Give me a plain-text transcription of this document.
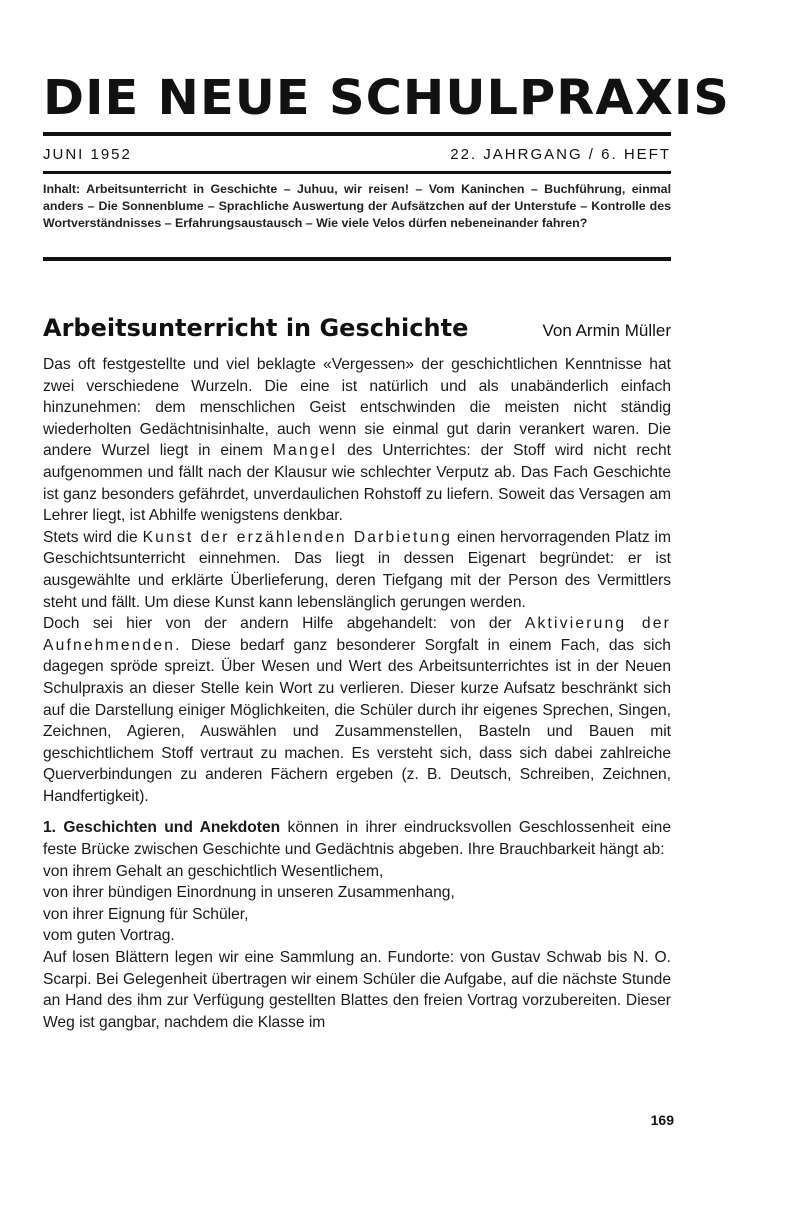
DIE NEUE SCHULPRAXIS
JUNI 1952	22. JAHRGANG / 6. HEFT
Inhalt: Arbeitsunterricht in Geschichte – Juhuu, wir reisen! – Vom Kaninchen – Buchführung, einmal anders – Die Sonnenblume – Sprachliche Auswertung der Aufsätzchen auf der Unterstufe – Kontrolle des Wortverständnisses – Erfahrungsaustausch – Wie viele Velos dürfen nebeneinander fahren?
Arbeitsunterricht in Geschichte	Von Armin Müller

Das oft festgestellte und viel beklagte «Vergessen» der geschichtlichen Kenntnisse hat zwei verschiedene Wurzeln. Die eine ist natürlich und als unabänderlich einfach hinzunehmen: dem menschlichen Geist entschwinden die meisten nicht ständig wiederholten Gedächtnisinhalte, auch wenn sie einmal gut darin verankert waren. Die andere Wurzel liegt in einem Mangel des Unterrichtes: der Stoff wird nicht recht aufgenommen und fällt nach der Klausur wie schlechter Verputz ab. Das Fach Geschichte ist ganz besonders gefährdet, unverdaulichen Rohstoff zu liefern. Soweit das Versagen am Lehrer liegt, ist Abhilfe wenigstens denkbar.

Stets wird die Kunst der erzählenden Darbietung einen hervorragenden Platz im Geschichtsunterricht einnehmen. Das liegt in dessen Eigenart begründet: er ist ausgewählte und erklärte Überlieferung, deren Tiefgang mit der Person des Vermittlers steht und fällt. Um diese Kunst kann lebenslänglich gerungen werden.

Doch sei hier von der andern Hilfe abgehandelt: von der Aktivierung der Aufnehmenden. Diese bedarf ganz besonderer Sorgfalt in einem Fach, das sich dagegen spröde spreizt. Über Wesen und Wert des Arbeitsunterrichtes ist in der Neuen Schulpraxis an dieser Stelle kein Wort zu verlieren. Dieser kurze Aufsatz beschränkt sich auf die Darstellung einiger Möglichkeiten, die Schüler durch ihr eigenes Sprechen, Singen, Zeichnen, Agieren, Auswählen und Zusammenstellen, Basteln und Bauen mit geschichtlichem Stoff vertraut zu machen. Es versteht sich, dass sich dabei zahlreiche Querverbindungen zu anderen Fächern ergeben (z. B. Deutsch, Schreiben, Zeichnen, Handfertigkeit).

1. Geschichten und Anekdoten können in ihrer eindrucksvollen Geschlossenheit eine feste Brücke zwischen Geschichte und Gedächtnis abgeben. Ihre Brauchbarkeit hängt ab:

von ihrem Gehalt an geschichtlich Wesentlichem,

von ihrer bündigen Einordnung in unseren Zusammenhang,

von ihrer Eignung für Schüler,

vom guten Vortrag.

Auf losen Blättern legen wir eine Sammlung an. Fundorte: von Gustav Schwab bis N. O. Scarpi. Bei Gelegenheit übertragen wir einem Schüler die Aufgabe, auf die nächste Stunde an Hand des ihm zur Verfügung gestellten Blattes den freien Vortrag vorzubereiten. Dieser Weg ist gangbar, nachdem die Klasse im

169
